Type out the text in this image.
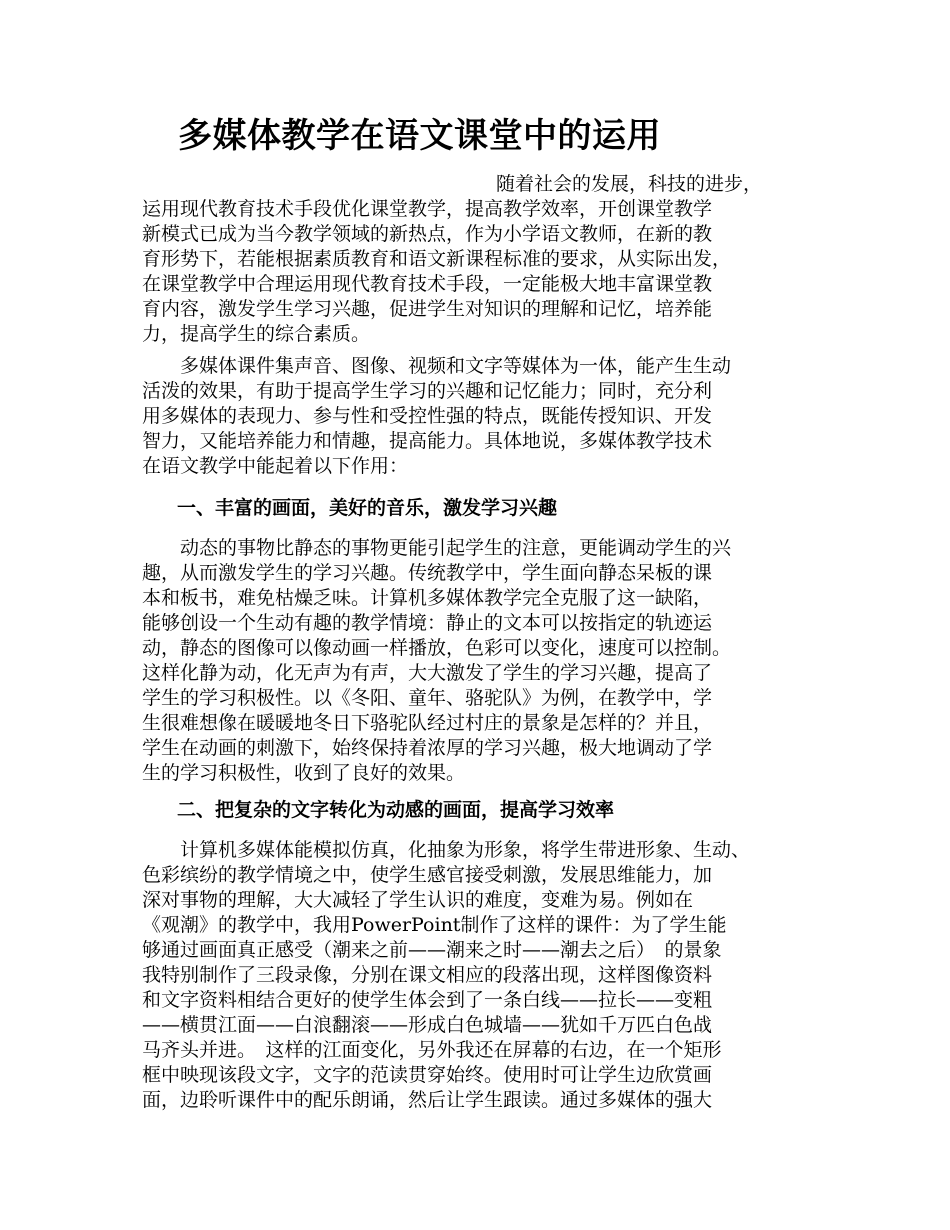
多媒体教学在语文课堂中的运用
随着社会的发展，科技的进步，
运用现代教育技术手段优化课堂教学，提高教学效率，开创课堂教学
新模式已成为当今教学领域的新热点，作为小学语文教师，在新的教
育形势下，若能根据素质教育和语文新课程标准的要求，从实际出发，
在课堂教学中合理运用现代教育技术手段，一定能极大地丰富课堂教
育内容，激发学生学习兴趣，促进学生对知识的理解和记忆，培养能
力，提高学生的综合素质。
　　多媒体课件集声音、图像、视频和文字等媒体为一体，能产生生动
活泼的效果，有助于提高学生学习的兴趣和记忆能力；同时，充分利
用多媒体的表现力、参与性和受控性强的特点，既能传授知识、开发
智力，又能培养能力和情趣，提高能力。具体地说，多媒体教学技术
在语文教学中能起着以下作用：
一、丰富的画面，美好的音乐，激发学习兴趣
　　动态的事物比静态的事物更能引起学生的注意，更能调动学生的兴
趣，从而激发学生的学习兴趣。传统教学中，学生面向静态呆板的课
本和板书，难免枯燥乏味。计算机多媒体教学完全克服了这一缺陷，
能够创设一个生动有趣的教学情境：静止的文本可以按指定的轨迹运
动，静态的图像可以像动画一样播放，色彩可以变化，速度可以控制。
这样化静为动，化无声为有声，大大激发了学生的学习兴趣，提高了
学生的学习积极性。以《冬阳、童年、骆驼队》为例，在教学中，学
生很难想像在暖暖地冬日下骆驼队经过村庄的景象是怎样的？并且，
学生在动画的刺激下，始终保持着浓厚的学习兴趣，极大地调动了学
生的学习积极性，收到了良好的效果。
二、把复杂的文字转化为动感的画面，提高学习效率
　　计算机多媒体能模拟仿真，化抽象为形象，将学生带进形象、生动、
色彩缤纷的教学情境之中，使学生感官接受刺激，发展思维能力，加
深对事物的理解，大大减轻了学生认识的难度，变难为易。例如在
《观潮》的教学中，我用PowerPoint制作了这样的课件：为了学生能
够通过画面真正感受（潮来之前——潮来之时——潮去之后）　的景象
我特别制作了三段录像，分别在课文相应的段落出现，这样图像资料
和文字资料相结合更好的使学生体会到了一条白线——拉长——变粗
——横贯江面——白浪翻滚——形成白色城墙——犹如千万匹白色战
马齐头并进。　这样的江面变化，另外我还在屏幕的右边，在一个矩形
框中映现该段文字，文字的范读贯穿始终。使用时可让学生边欣赏画
面，边聆听课件中的配乐朗诵，然后让学生跟读。通过多媒体的强大
